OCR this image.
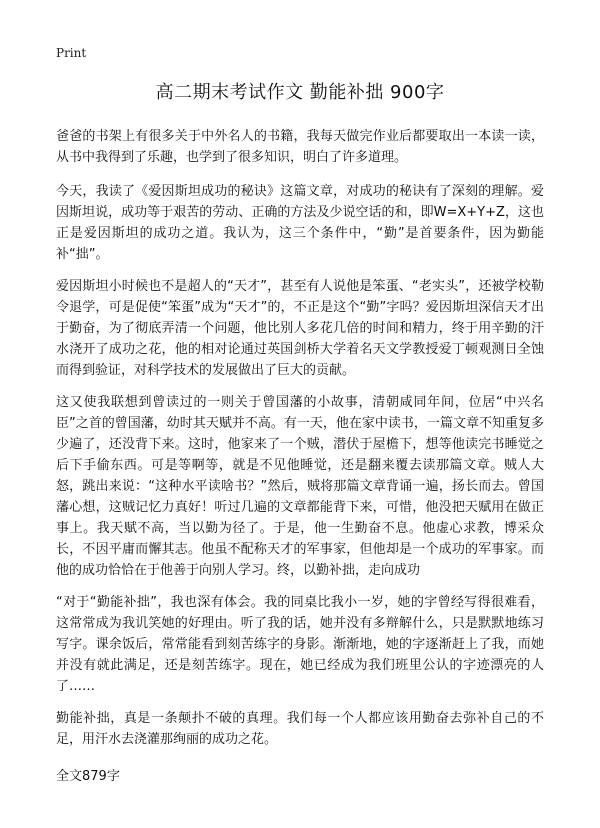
Print
高二期末考试作文 勤能补拙 900字

爸爸的书架上有很多关于中外名人的书籍，我每天做完作业后都要取出一本读一读，从书中我得到了乐趣，也学到了很多知识，明白了许多道理。

今天，我读了《爱因斯坦成功的秘诀》这篇文章，对成功的秘诀有了深刻的理解。爱因斯坦说，成功等于艰苦的劳动、正确的方法及少说空话的和，即W=X+Y+Z，这也正是爱因斯坦的成功之道。我认为，这三个条件中，“勤”是首要条件，因为勤能补“拙”。

爱因斯坦小时候也不是超人的“天才”，甚至有人说他是笨蛋、“老实头”，还被学校勒令退学，可是促使“笨蛋”成为“天才”的，不正是这个“勤”字吗？爱因斯坦深信天才出于勤奋，为了彻底弄清一个问题，他比别人多花几倍的时间和精力，终于用辛勤的汗水浇开了成功之花，他的相对论通过英国剑桥大学着名天文学教授爱丁顿观测日全蚀而得到验证，对科学技术的发展做出了巨大的贡献。

这又使我联想到曾读过的一则关于曾国藩的小故事，清朝咸同年间，位居“中兴名臣”之首的曾国藩，幼时其天赋并不高。有一天，他在家中读书，一篇文章不知重复多少遍了，还没背下来。这时，他家来了一个贼，潜伏于屋檐下，想等他读完书睡觉之后下手偷东西。可是等啊等，就是不见他睡觉，还是翻来覆去读那篇文章。贼人大怒，跳出来说：“这种水平读啥书？”然后，贼将那篇文章背诵一遍，扬长而去。曾国藩心想，这贼记忆力真好！听过几遍的文章都能背下来，可惜，他没把天赋用在做正事上。我天赋不高，当以勤为径了。于是，他一生勤奋不息。他虚心求教，博采众长，不因平庸而懈其志。他虽不配称天才的军事家，但他却是一个成功的军事家。而他的成功恰恰在于他善于向别人学习。终，以勤补拙，走向成功

“对于“勤能补拙”，我也深有体会。我的同桌比我小一岁，她的字曾经写得很难看，这常常成为我讥笑她的好理由。听了我的话，她并没有多辩解什么，只是默默地练习写字。课余饭后，常常能看到刻苦练字的身影。渐渐地，她的字逐渐赶上了我，而她并没有就此满足，还是刻苦练字。现在，她已经成为我们班里公认的字迹漂亮的人了……

勤能补拙，真是一条颠扑不破的真理。我们每一个人都应该用勤奋去弥补自己的不足，用汗水去浇灌那绚丽的成功之花。

全文879字
